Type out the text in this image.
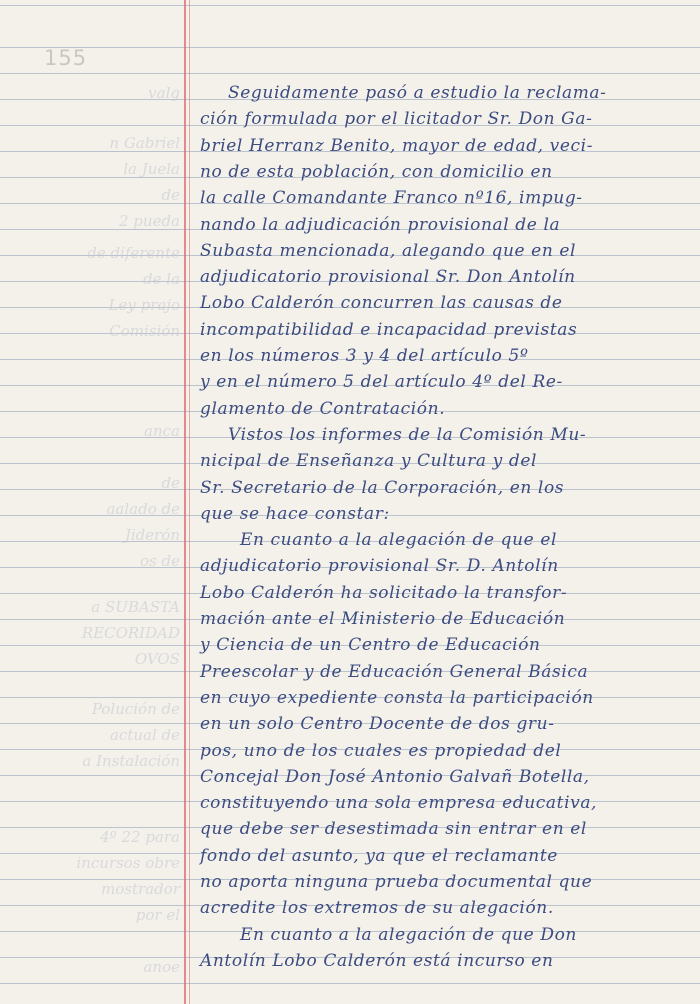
155
valg
n Gabriel
la Juela
de
2 pueda
de diferente
de la
Ley prajo
Comisión
anca
de
aalado de
Jiderón
os de
a SUBASTA
RECORIDAD
OVOS
Polución de
actual de
a Instalación
4º 22 para
incursos obre
mostrador
por el
anoe
Seguidamente pasó a estudio la reclama-
ción formulada por el licitador Sr. Don Ga-
briel Herranz Benito, mayor de edad, veci-
no de esta población, con domicilio en
la calle Comandante Franco nº16, impug-
nando la adjudicación provisional de la
Subasta mencionada, alegando que en el
adjudicatorio provisional Sr. Don Antolín
Lobo Calderón concurren las causas de
incompatibilidad e incapacidad previstas
en los números 3 y 4 del artículo 5º
y en el número 5 del artículo 4º del Re-
glamento de Contratación.
Vistos los informes de la Comisión Mu-
nicipal de Enseñanza y Cultura y del
Sr. Secretario de la Corporación, en los
que se hace constar:
En cuanto a la alegación de que el
adjudicatorio provisional Sr. D. Antolín
Lobo Calderón ha solicitado la transfor-
mación ante el Ministerio de Educación
y Ciencia de un Centro de Educación
Preescolar y de Educación General Básica
en cuyo expediente consta la participación
en un solo Centro Docente de dos gru-
pos, uno de los cuales es propiedad del
Concejal Don José Antonio Galvañ Botella,
constituyendo una sola empresa educativa,
que debe ser desestimada sin entrar en el
fondo del asunto, ya que el reclamante
no aporta ninguna prueba documental que
acredite los extremos de su alegación.
En cuanto a la alegación de que Don
Antolín Lobo Calderón está incurso en
